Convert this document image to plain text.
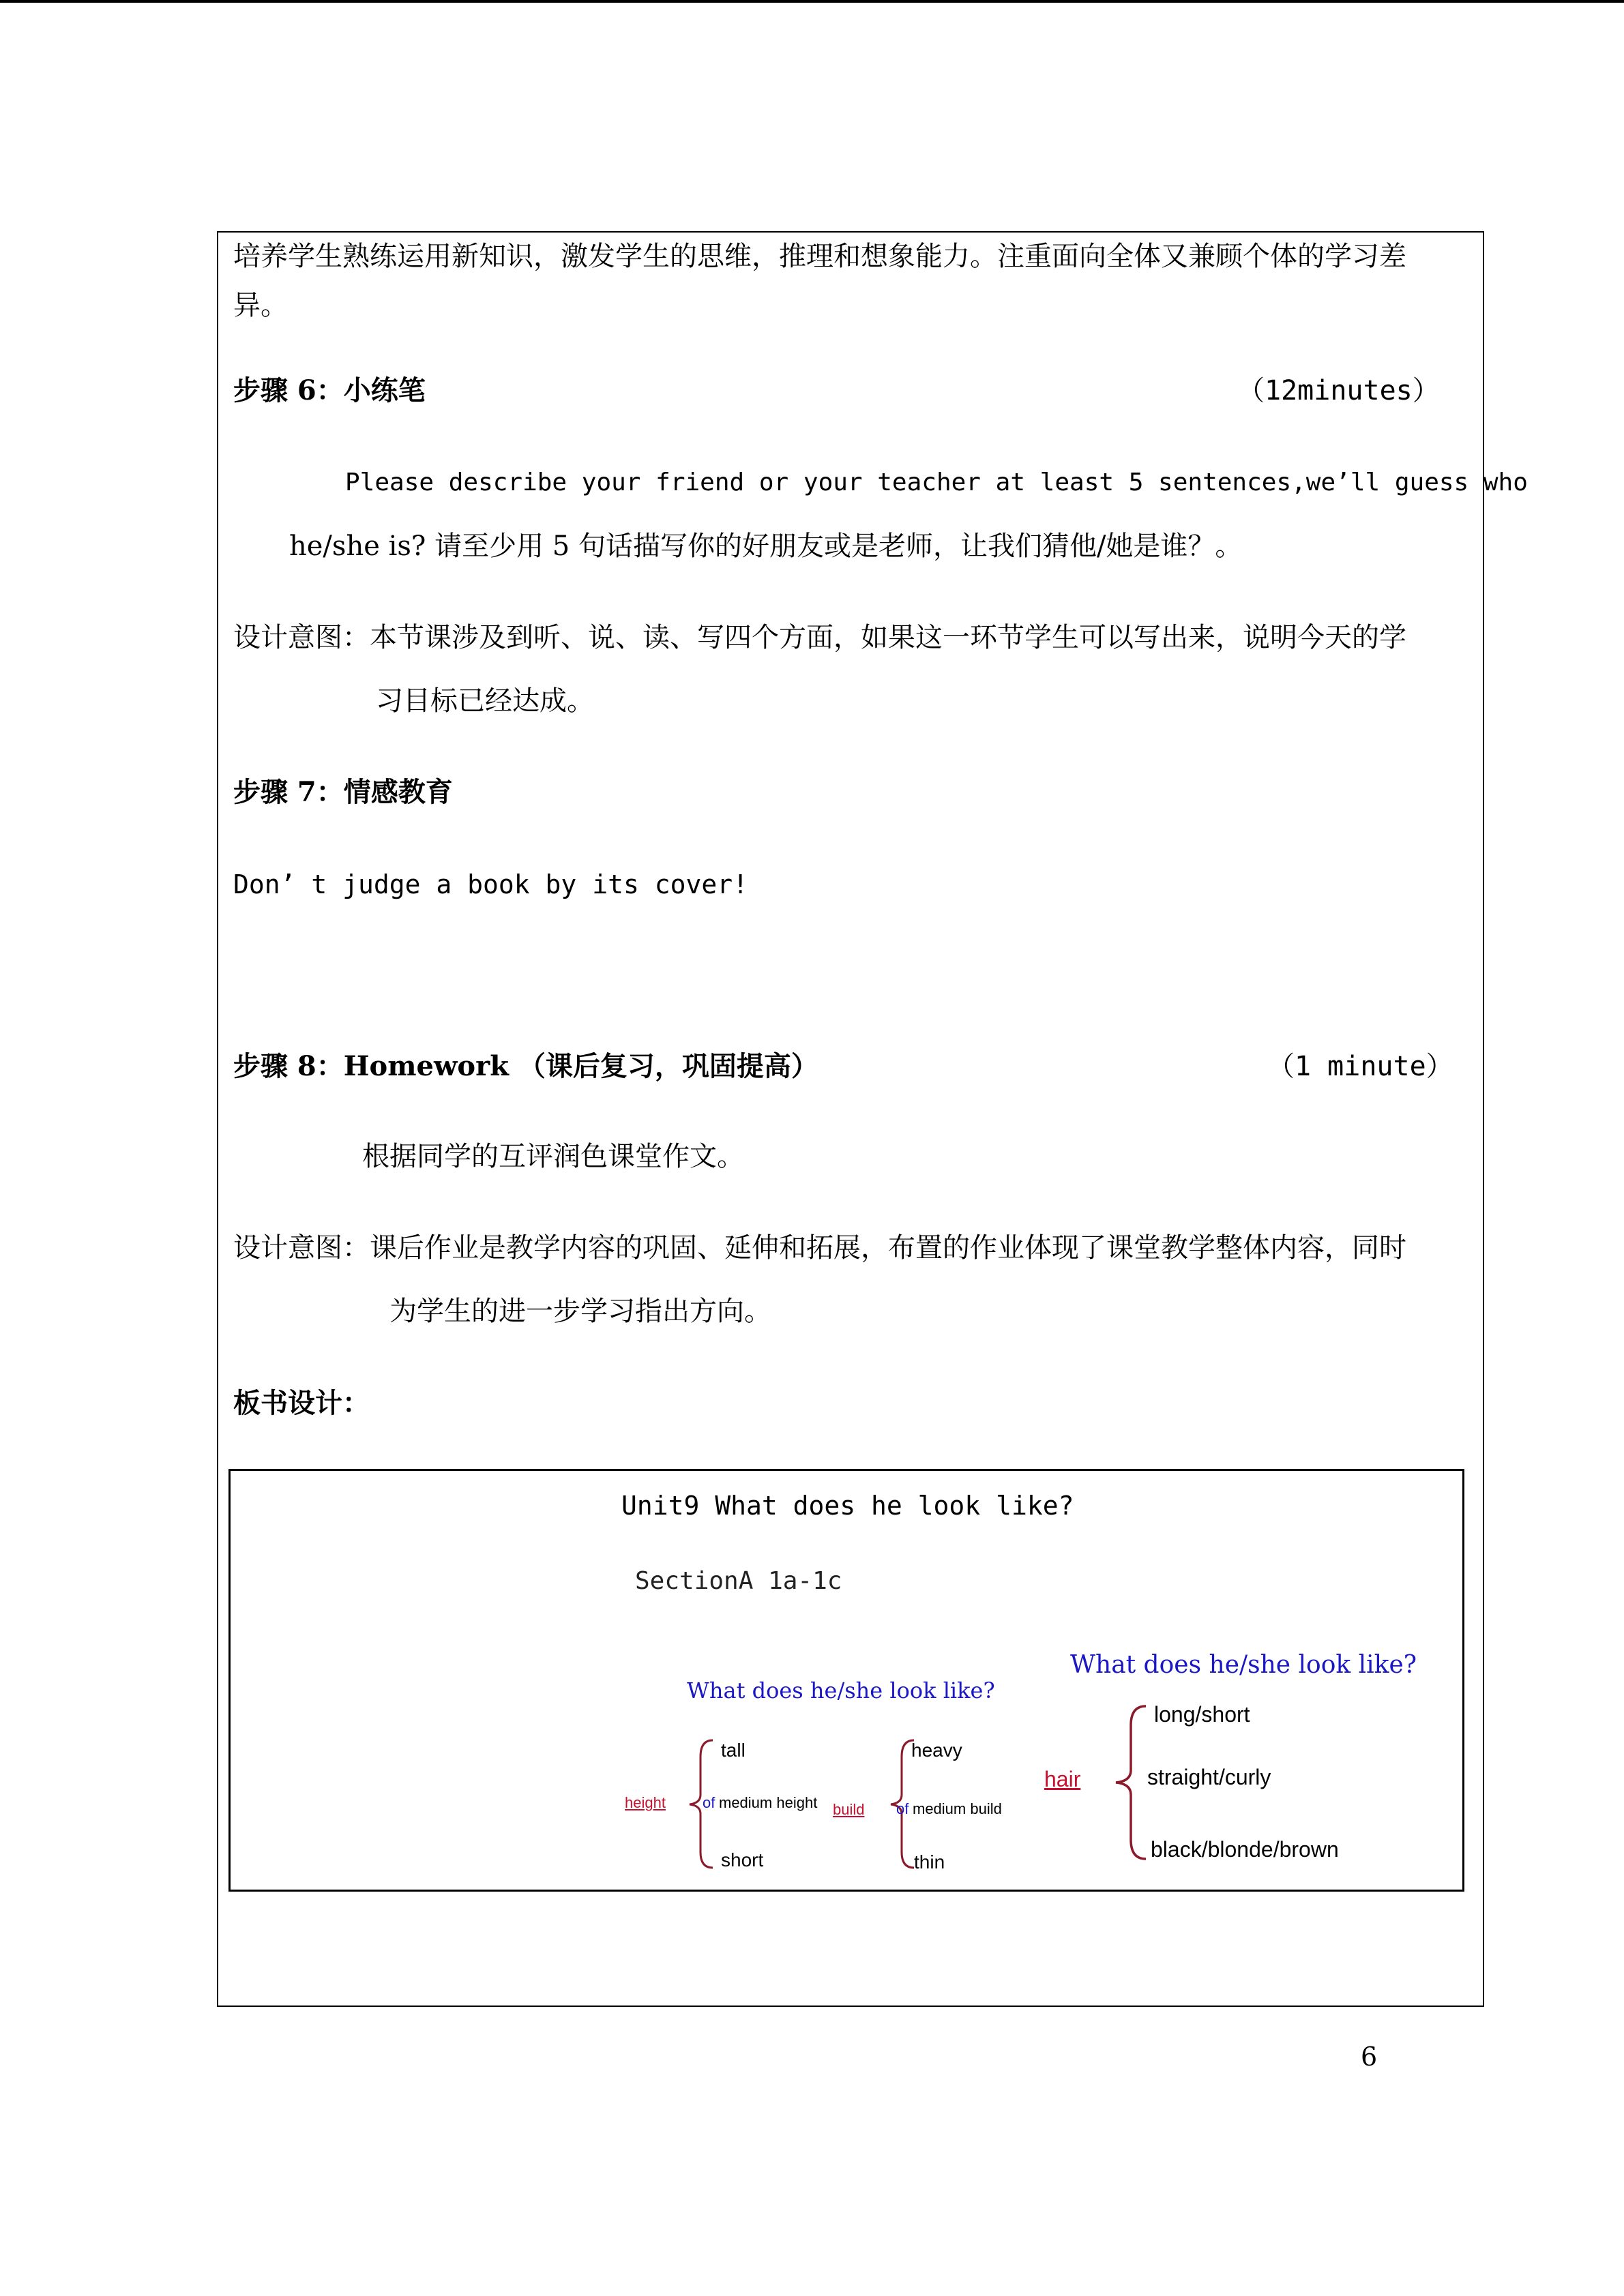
培养学生熟练运用新知识，激发学生的思维，推理和想象能力。注重面向全体又兼顾个体的学习差
异。
步骤 6：小练笔	（12minutes）
Please describe your friend or your teacher at least 5 sentences,we’ll guess who
he/she is? 请至少用 5 句话描写你的好朋友或是老师，让我们猜他/她是谁？。
设计意图：本节课涉及到听、说、读、写四个方面，如果这一环节学生可以写出来，说明今天的学
习目标已经达成。
步骤 7：情感教育
Don’ t judge a book by its cover!
步骤 8：Homework （课后复习，巩固提高）	（1 minute）
根据同学的互评润色课堂作文。
设计意图：课后作业是教学内容的巩固、延伸和拓展，布置的作业体现了课堂教学整体内容，同时
为学生的进一步学习指出方向。
板书设计：
Unit9 What does he look like?
SectionA 1a-1c
What does he/she look like?
What does he/she look like?
height
tall
of medium height
short
build
heavy
of medium build
thin
hair
long/short
straight/curly
black/blonde/brown
6
